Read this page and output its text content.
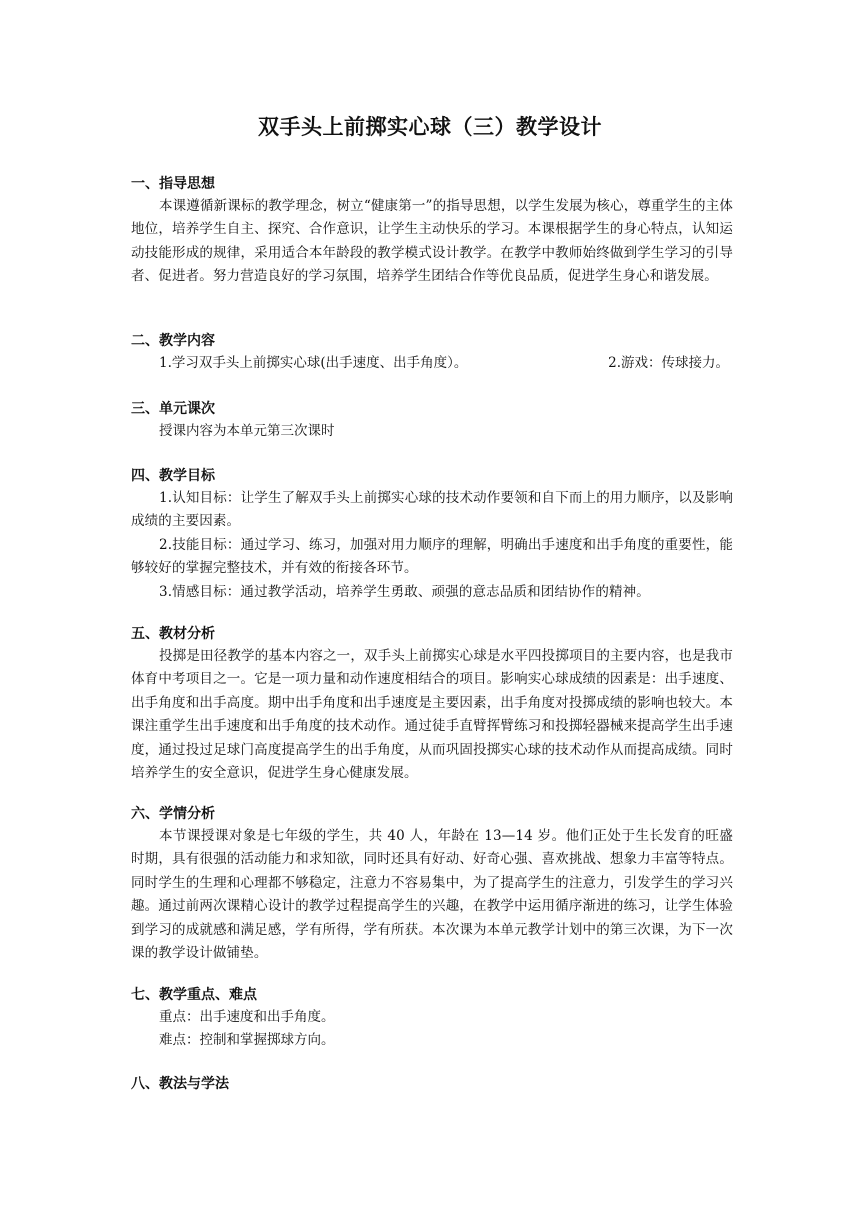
双手头上前掷实心球（三）教学设计

一、指导思想

本课遵循新课标的教学理念，树立“健康第一”的指导思想，以学生发展为核心，尊重学生的主体地位，培养学生自主、探究、合作意识，让学生主动快乐的学习。本课根据学生的身心特点，认知运动技能形成的规律，采用适合本年龄段的教学模式设计教学。在教学中教师始终做到学生学习的引导者、促进者。努力营造良好的学习氛围，培养学生团结合作等优良品质，促进学生身心和谐发展。

二、教学内容

1.学习双手头上前掷实心球(出手速度、出手角度）。	2.游戏：传球接力。

三、单元课次

授课内容为本单元第三次课时

四、教学目标

1.认知目标：让学生了解双手头上前掷实心球的技术动作要领和自下而上的用力顺序，以及影响成绩的主要因素。

2.技能目标：通过学习、练习，加强对用力顺序的理解，明确出手速度和出手角度的重要性，能够较好的掌握完整技术，并有效的衔接各环节。

3.情感目标：通过教学活动，培养学生勇敢、顽强的意志品质和团结协作的精神。

五、教材分析

投掷是田径教学的基本内容之一，双手头上前掷实心球是水平四投掷项目的主要内容，也是我市体育中考项目之一。它是一项力量和动作速度相结合的项目。影响实心球成绩的因素是：出手速度、出手角度和出手高度。期中出手角度和出手速度是主要因素，出手角度对投掷成绩的影响也较大。本课注重学生出手速度和出手角度的技术动作。通过徒手直臂挥臂练习和投掷轻器械来提高学生出手速度，通过投过足球门高度提高学生的出手角度，从而巩固投掷实心球的技术动作从而提高成绩。同时培养学生的安全意识，促进学生身心健康发展。

六、学情分析

本节课授课对象是七年级的学生，共 40 人，年龄在 13—14 岁。他们正处于生长发育的旺盛时期，具有很强的活动能力和求知欲，同时还具有好动、好奇心强、喜欢挑战、想象力丰富等特点。同时学生的生理和心理都不够稳定，注意力不容易集中，为了提高学生的注意力，引发学生的学习兴趣。通过前两次课精心设计的教学过程提高学生的兴趣，在教学中运用循序渐进的练习，让学生体验到学习的成就感和满足感，学有所得，学有所获。本次课为本单元教学计划中的第三次课，为下一次课的教学设计做铺垫。

七、教学重点、难点

重点：出手速度和出手角度。

难点：控制和掌握掷球方向。

八、教法与学法
